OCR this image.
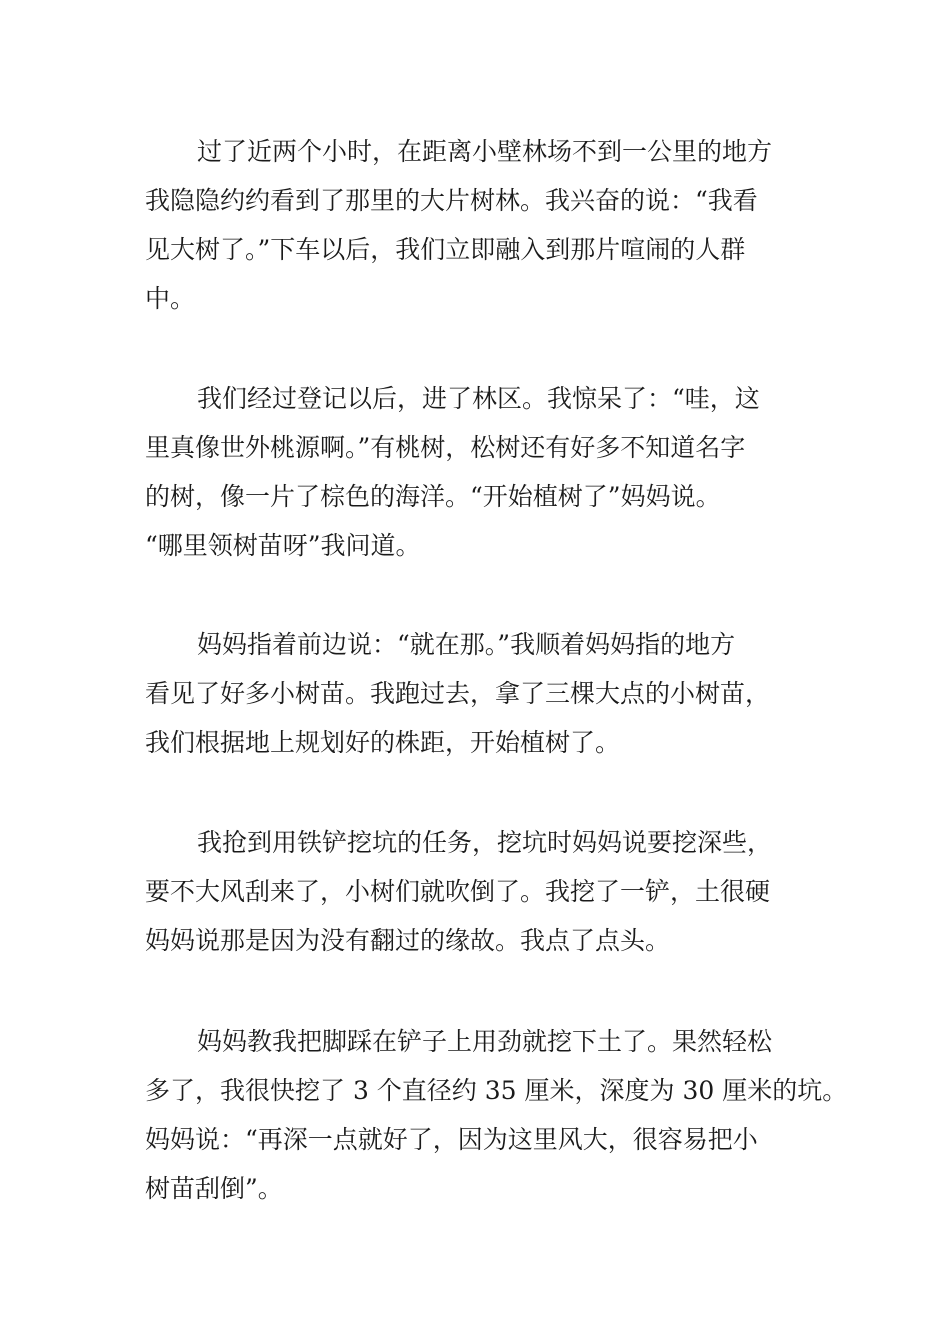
过了近两个小时，在距离小壁林场不到一公里的地方
我隐隐约约看到了那里的大片树林。我兴奋的说：“我看
见大树了。”下车以后，我们立即融入到那片喧闹的人群
中。

我们经过登记以后，进了林区。我惊呆了：“哇，这
里真像世外桃源啊。”有桃树，松树还有好多不知道名字
的树，像一片了棕色的海洋。“开始植树了”妈妈说。
“哪里领树苗呀”我问道。

妈妈指着前边说：“就在那。”我顺着妈妈指的地方
看见了好多小树苗。我跑过去，拿了三棵大点的小树苗，
我们根据地上规划好的株距，开始植树了。

我抢到用铁铲挖坑的任务，挖坑时妈妈说要挖深些，
要不大风刮来了，小树们就吹倒了。我挖了一铲，土很硬
妈妈说那是因为没有翻过的缘故。我点了点头。

妈妈教我把脚踩在铲子上用劲就挖下土了。果然轻松
多了，我很快挖了 3 个直径约 35 厘米，深度为 30 厘米的坑。
妈妈说：“再深一点就好了，因为这里风大，很容易把小
树苗刮倒”。
